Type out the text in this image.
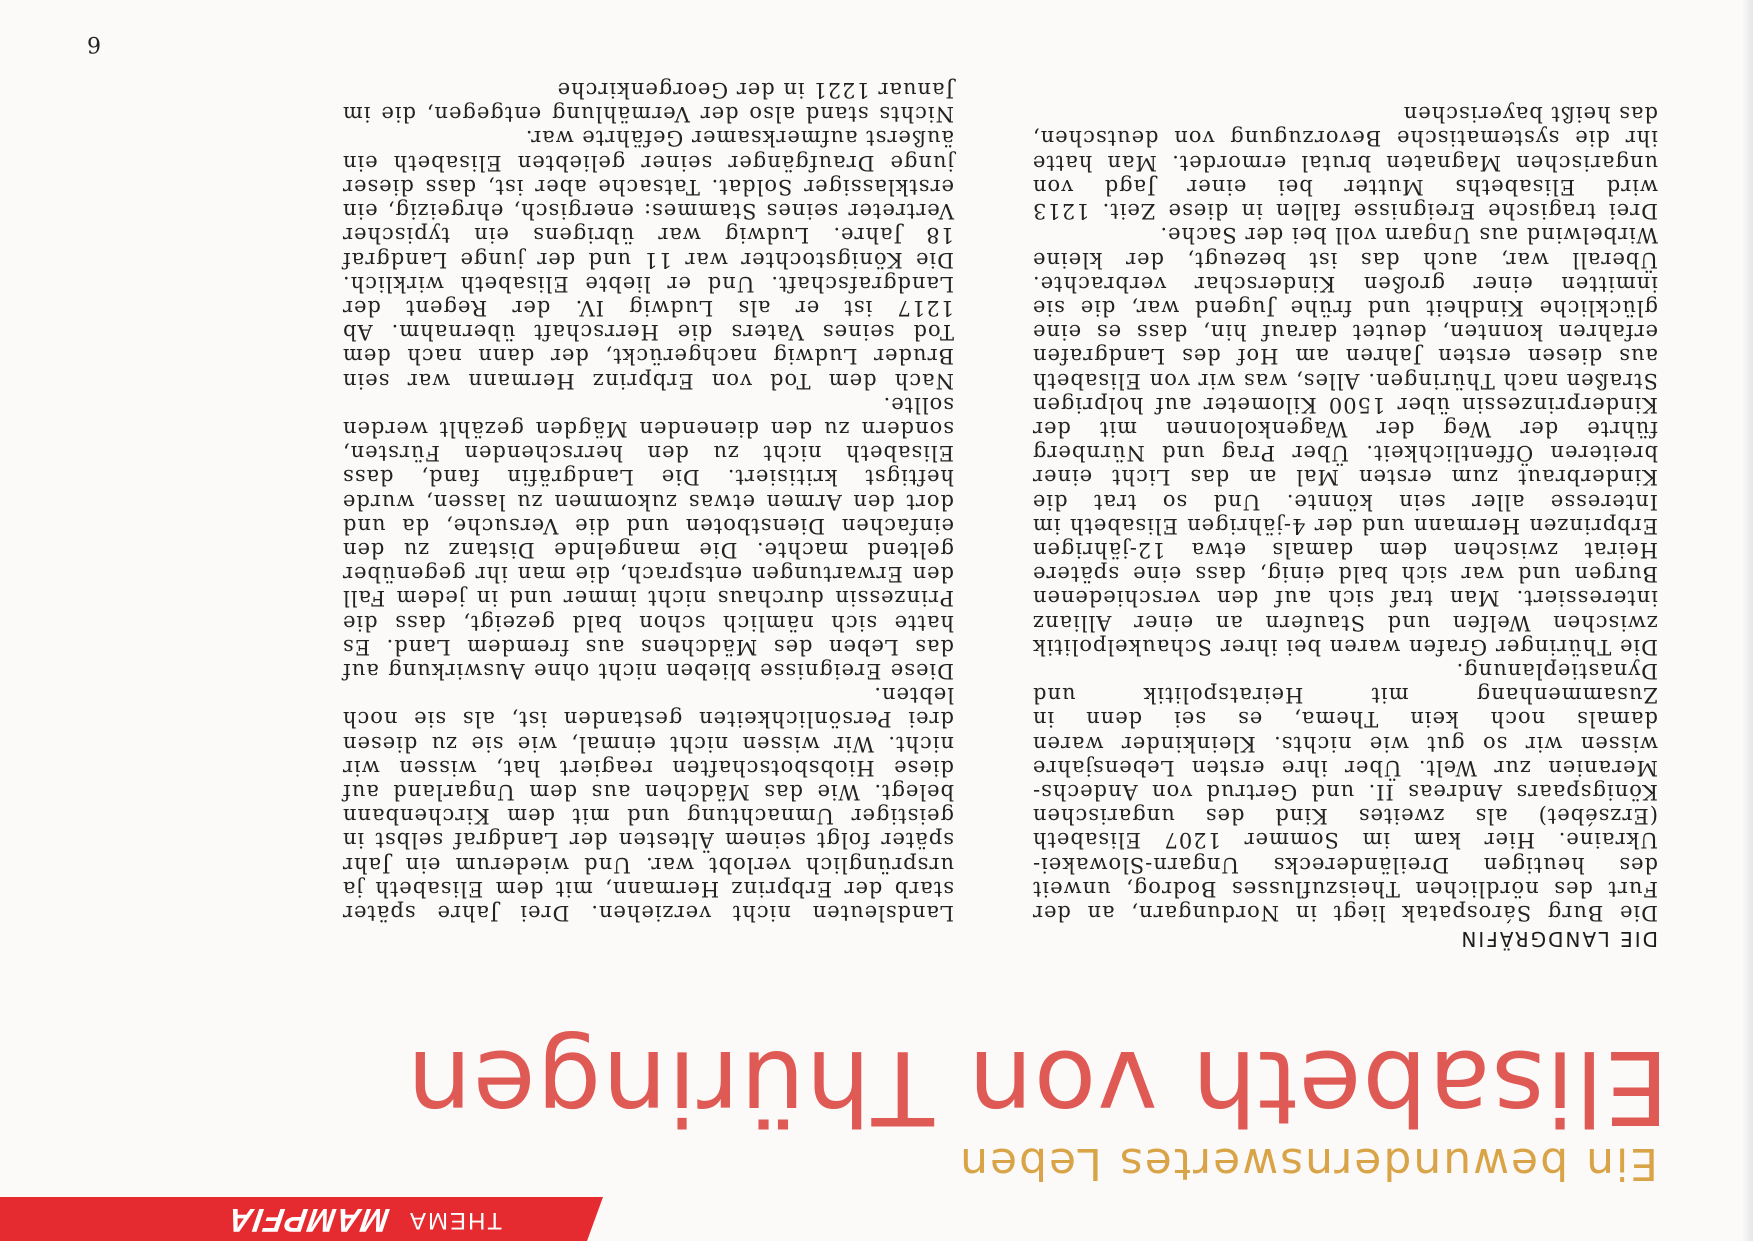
THEMA
MAMPFIA
Ein bewundernswertes Leben
Elisabeth von Thüringen
DIE LANDGRÄFIN

Die Burg Sárospatak liegt in Nordungarn, an der Furt des nördlichen Theiszuflusses Bodrog, unweit des heutigen Dreiländerecks Ungarn-Slowakei-Ukraine. Hier kam im Sommer 1207 Elisabeth (Erzsébet) als zweites Kind des ungarischen Königspaars Andreas II. und Gertrud von Andechs-Meranien zur Welt. Über ihre ersten Lebensjahre wissen wir so gut wie nichts. Kleinkinder waren damals noch kein Thema, es sei denn in Zusammenhang mit Heiratspolitik und Dynastieplanung.

Die Thüringer Grafen waren bei ihrer Schaukelpolitik zwischen Welfen und Staufern an einer Allianz interessiert. Man traf sich auf den verschiedenen Burgen und war sich bald einig, dass eine spätere Heirat zwischen dem damals etwa 12-jährigen Erbprinzen Hermann und der 4-jährigen Elisabeth im Interesse aller sein könnte. Und so trat die Kinderbraut zum ersten Mal an das Licht einer breiteren Öffentlichkeit. Über Prag und Nürnberg führte der Weg der Wagenkolonnen mit der Kinderprinzessin über 1500 Kilometer auf holprigen Straßen nach Thüringen. Alles, was wir von Elisabeth aus diesen ersten Jahren am Hof des Landgrafen erfahren konnten, deutet darauf hin, dass es eine glückliche Kindheit und frühe Jugend war, die sie inmitten einer großen Kinderschar verbrachte. Überall war, auch das ist bezeugt, der kleine Wirbelwind aus Ungarn voll bei der Sache.

Drei tragische Ereignisse fallen in diese Zeit. 1213 wird Elisabeths Mutter bei einer Jagd von ungarischen Magnaten brutal ermordet. Man hatte ihr die systematische Bevorzugung von deutschen, das heißt bayerischen

Landsleuten nicht verziehen. Drei Jahre später starb der Erbprinz Hermann, mit dem Elisabeth ja ursprünglich verlobt war. Und wiederum ein Jahr später folgt seinem Ältesten der Landgraf selbst in geistiger Umnachtung und mit dem Kirchenbann belegt. Wie das Mädchen aus dem Ungarland auf diese Hiobsbotschaften reagiert hat, wissen wir nicht. Wir wissen nicht einmal, wie sie zu diesen drei Persönlichkeiten gestanden ist, als sie noch lebten.

Diese Ereignisse blieben nicht ohne Auswirkung auf das Leben des Mädchens aus fremdem Land. Es hatte sich nämlich schon bald gezeigt, dass die Prinzessin durchaus nicht immer und in jedem Fall den Erwartungen entsprach, die man ihr gegenüber geltend machte. Die mangelnde Distanz zu den einfachen Dienstboten und die Versuche, da und dort den Armen etwas zukommen zu lassen, wurde heftigst kritisiert. Die Landgräfin fand, dass Elisabeth nicht zu den herrschenden Fürsten, sondern zu den dienenden Mägden gezählt werden sollte.

Nach dem Tod von Erbprinz Hermann war sein Bruder Ludwig nachgerückt, der dann nach dem Tod seines Vaters die Herrschaft übernahm. Ab 1217 ist er als Ludwig IV. der Regent der Landgrafschaft. Und er liebte Elisabeth wirklich. Die Königstochter war 11 und der junge Landgraf 18 Jahre. Ludwig war übrigens ein typischer Vertreter seines Stammes: energisch, ehrgeizig, ein erstklassiger Soldat. Tatsache aber ist, dass dieser junge Draufgänger seiner geliebten Elisabeth ein äußerst aufmerksamer Gefährte war.

Nichts stand also der Vermählung entgegen, die im Januar 1221 in der Georgenkirche

6
